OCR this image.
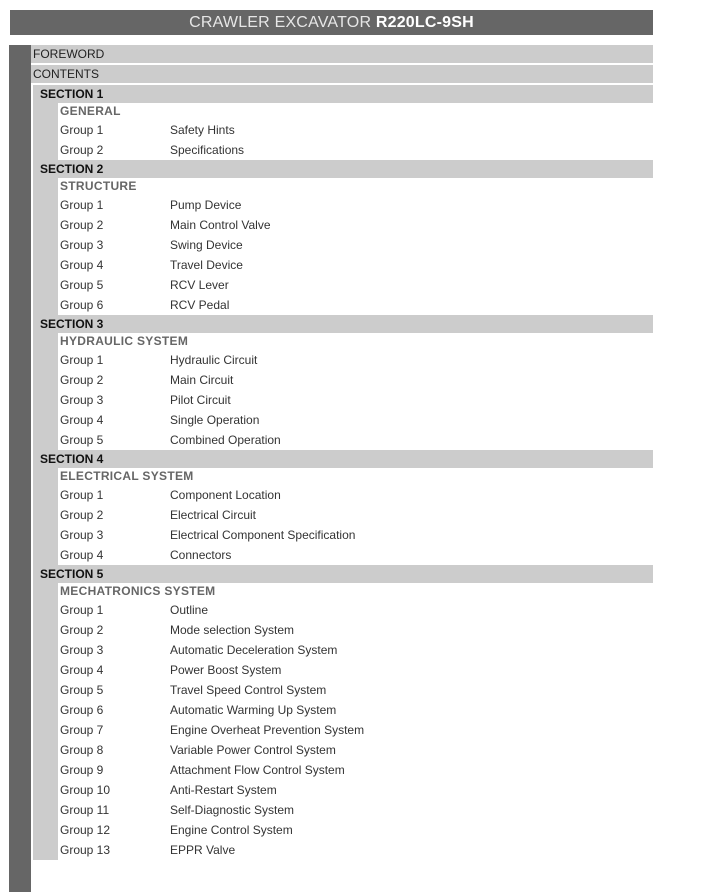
CRAWLER EXCAVATOR R220LC-9SH
FOREWORD
CONTENTS
SECTION 1
GENERAL
Group 1	Safety Hints
Group 2	Specifications
SECTION 2
STRUCTURE
Group 1	Pump Device
Group 2	Main Control Valve
Group 3	Swing Device
Group 4	Travel Device
Group 5	RCV Lever
Group 6	RCV Pedal
SECTION 3
HYDRAULIC SYSTEM
Group 1	Hydraulic Circuit
Group 2	Main Circuit
Group 3	Pilot Circuit
Group 4	Single Operation
Group 5	Combined Operation
SECTION 4
ELECTRICAL SYSTEM
Group 1	Component Location
Group 2	Electrical Circuit
Group 3	Electrical Component Specification
Group 4	Connectors
SECTION 5
MECHATRONICS SYSTEM
Group 1	Outline
Group 2	Mode selection System
Group 3	Automatic Deceleration System
Group 4	Power Boost System
Group 5	Travel Speed Control System
Group 6	Automatic Warming Up System
Group 7	Engine Overheat Prevention System
Group 8	Variable Power Control System
Group 9	Attachment Flow Control System
Group 10	Anti-Restart System
Group 11	Self-Diagnostic System
Group 12	Engine Control System
Group 13	EPPR Valve
